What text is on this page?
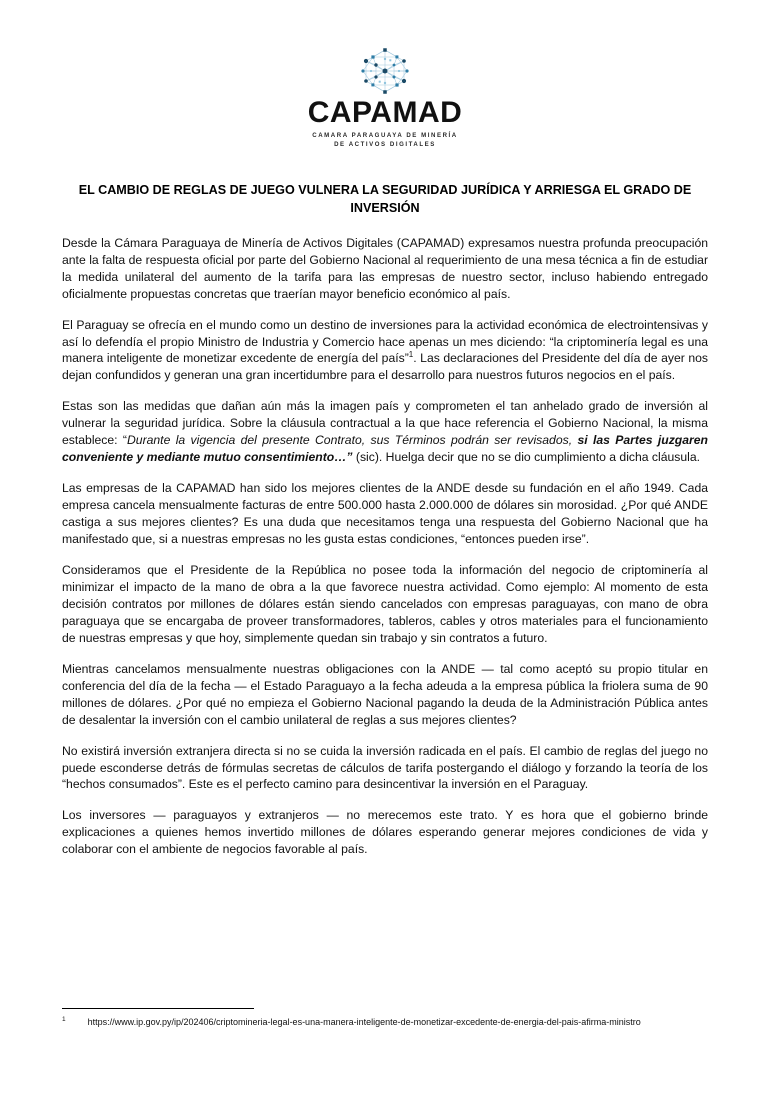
CAPAMAD
CAMARA PARAGUAYA DE MINERÍA
DE ACTIVOS DIGITALES
EL CAMBIO DE REGLAS DE JUEGO VULNERA LA SEGURIDAD JURÍDICA Y ARRIESGA EL GRADO DE INVERSIÓN

Desde la Cámara Paraguaya de Minería de Activos Digitales (CAPAMAD) expresamos nuestra profunda preocupación ante la falta de respuesta oficial por parte del Gobierno Nacional al requerimiento de una mesa técnica a fin de estudiar la medida unilateral del aumento de la tarifa para las empresas de nuestro sector, incluso habiendo entregado oficialmente propuestas concretas que traerían mayor beneficio económico al país.

El Paraguay se ofrecía en el mundo como un destino de inversiones para la actividad económica de electrointensivas y así lo defendía el propio Ministro de Industria y Comercio hace apenas un mes diciendo: “la criptominería legal es una manera inteligente de monetizar excedente de energía del país”$^1$. Las declaraciones del Presidente del día de ayer nos dejan confundidos y generan una gran incertidumbre para el desarrollo para nuestros futuros negocios en el país.

Estas son las medidas que dañan aún más la imagen país y comprometen el tan anhelado grado de inversión al vulnerar la seguridad jurídica. Sobre la cláusula contractual a la que hace referencia el Gobierno Nacional, la misma establece: “Durante la vigencia del presente Contrato, sus Términos podrán ser revisados, si las Partes juzgaren conveniente y mediante mutuo consentimiento…” (sic). Huelga decir que no se dio cumplimiento a dicha cláusula.

Las empresas de la CAPAMAD han sido los mejores clientes de la ANDE desde su fundación en el año 1949. Cada empresa cancela mensualmente facturas de entre 500.000 hasta 2.000.000 de dólares sin morosidad. ¿Por qué ANDE castiga a sus mejores clientes? Es una duda que necesitamos tenga una respuesta del Gobierno Nacional que ha manifestado que, si a nuestras empresas no les gusta estas condiciones, “entonces pueden irse”.

Consideramos que el Presidente de la República no posee toda la información del negocio de criptominería al minimizar el impacto de la mano de obra a la que favorece nuestra actividad. Como ejemplo: Al momento de esta decisión contratos por millones de dólares están siendo cancelados con empresas paraguayas, con mano de obra paraguaya que se encargaba de proveer transformadores, tableros, cables y otros materiales para el funcionamiento de nuestras empresas y que hoy, simplemente quedan sin trabajo y sin contratos a futuro.

Mientras cancelamos mensualmente nuestras obligaciones con la ANDE — tal como aceptó su propio titular en conferencia del día de la fecha — el Estado Paraguayo a la fecha adeuda a la empresa pública la friolera suma de 90 millones de dólares. ¿Por qué no empieza el Gobierno Nacional pagando la deuda de la Administración Pública antes de desalentar la inversión con el cambio unilateral de reglas a sus mejores clientes?

No existirá inversión extranjera directa si no se cuida la inversión radicada en el país. El cambio de reglas del juego no puede esconderse detrás de fórmulas secretas de cálculos de tarifa postergando el diálogo y forzando la teoría de los “hechos consumados”. Este es el perfecto camino para desincentivar la inversión en el Paraguay.

Los inversores — paraguayos y extranjeros — no merecemos este trato. Y es hora que el gobierno brinde explicaciones a quienes hemos invertido millones de dólares esperando generar mejores condiciones de vida y colaborar con el ambiente de negocios favorable al país.

$^1$ https://www.ip.gov.py/ip/202406/criptomineria-legal-es-una-manera-inteligente-de-monetizar-excedente-de-energia-del-pais-afirma-ministro
